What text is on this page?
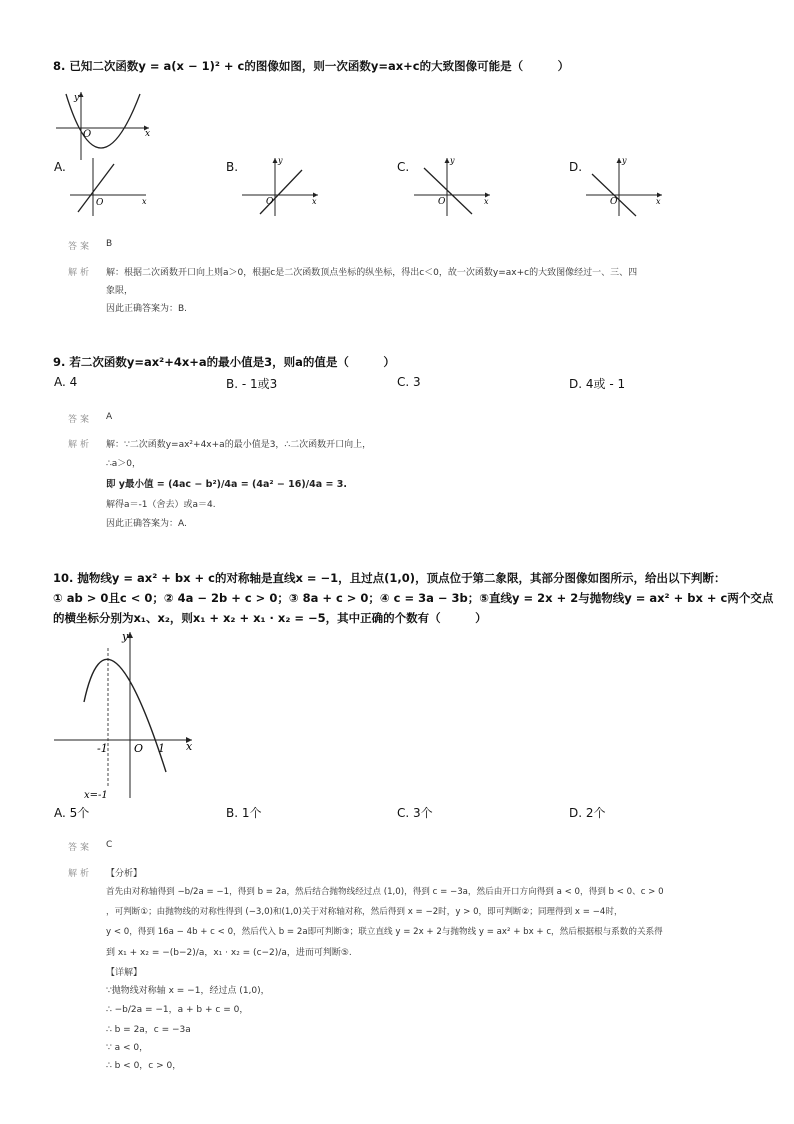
8. 已知二次函数y = a(x − 1)² + c的图像如图，则一次函数y=ax+c的大致图像可能是（　　　）
y
x
O
A.	B.	C.	D.
O	x	O
y
x	O
y
x	O
y
x
答案 B
解析 解：根据二次函数开口向上则a＞0，根据c是二次函数顶点坐标的纵坐标，得出c＜0，故一次函数y=ax+c的大致图像经过一、三、四
象限，
因此正确答案为：B.
9. 若二次函数y=ax²+4x+a的最小值是3，则a的值是（　　　）
A. 4	B. - 1或3	C. 3	D. 4或 - 1
答案 A
解析 解：∵二次函数y=ax²+4x+a的最小值是3，∴二次函数开口向上，
∴a＞0，
即 y最小值 = (4ac − b²)/4a = (4a² − 16)/4a = 3.
解得a＝-1（舍去）或a＝4.
因此正确答案为：A.
10. 抛物线y = ax² + bx + c的对称轴是直线x = −1，且过点(1,0)，顶点位于第二象限，其部分图像如图所示，给出以下判断：
① ab > 0且c < 0；② 4a − 2b + c > 0；③ 8a + c > 0；④ c = 3a − 3b；⑤直线y = 2x + 2与抛物线y = ax² + bx + c两个交点
的横坐标分别为x₁、x₂，则x₁ + x₂ + x₁ · x₂ = −5，其中正确的个数有（　　　）
y
x
O
-1	1
x=-1
A. 5个	B. 1个	C. 3个	D. 2个
答案 C
解析 【分析】
首先由对称轴得到 −b/2a = −1，得到 b = 2a，然后结合抛物线经过点 (1,0)，得到 c = −3a，然后由开口方向得到 a < 0，得到 b < 0、c > 0
，可判断①；由抛物线的对称性得到 (−3,0)和(1,0)关于对称轴对称，然后得到 x = −2时，y > 0，即可判断②；同理得到 x = −4时，
y < 0，得到 16a − 4b + c < 0，然后代入 b = 2a即可判断③；联立直线 y = 2x + 2与抛物线 y = ax² + bx + c，然后根据根与系数的关系得
到 x₁ + x₂ = −(b−2)/a，x₁ · x₂ = (c−2)/a，进而可判断⑤.
【详解】
∵抛物线对称轴 x = −1，经过点 (1,0)，
∴ −b/2a = −1，a + b + c = 0，
∴ b = 2a，c = −3a
∵ a < 0，
∴ b < 0，c > 0，
